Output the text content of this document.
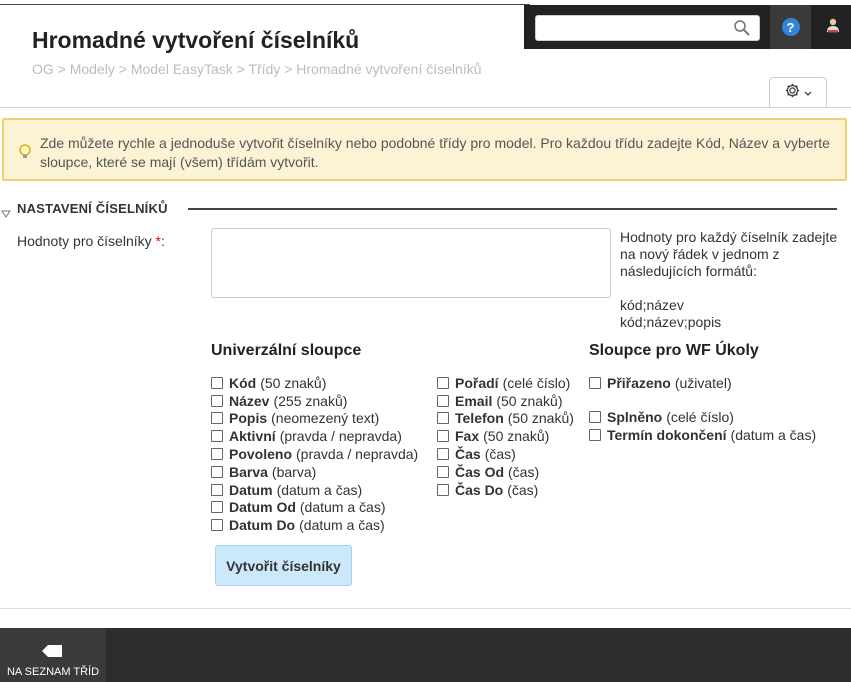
?
Hromadné vytvoření číselníků
OG > Modely > Model EasyTask > Třídy > Hromadné vytvoření číselníků
Zde můžete rychle a jednoduše vytvořit číselníky nebo podobné třídy pro model. Pro každou třídu zadejte Kód, Název a vyberte sloupce, které se mají (všem) třídám vytvořit.
NASTAVENÍ ČÍSELNÍKŮ
Hodnoty pro číselníky *:	Hodnoty pro každý číselník zadejte na nový řádek v jednom z následujících formátů:
kód;název
kód;název;popis
Univerzální sloupce	Sloupce pro WF Úkoly
Kód (50 znaků)
Název (255 znaků)
Popis (neomezený text)
Aktivní (pravda / nepravda)
Povoleno (pravda / nepravda)
Barva (barva)
Datum (datum a čas)
Datum Od (datum a čas)
Datum Do (datum a čas)
Pořadí (celé číslo)
Email (50 znaků)
Telefon (50 znaků)
Fax (50 znaků)
Čas (čas)
Čas Od (čas)
Čas Do (čas)
Přiřazeno (uživatel)
Splněno (celé číslo)
Termín dokončení (datum a čas)
Vytvořit číselníky
NA SEZNAM TŘÍD
